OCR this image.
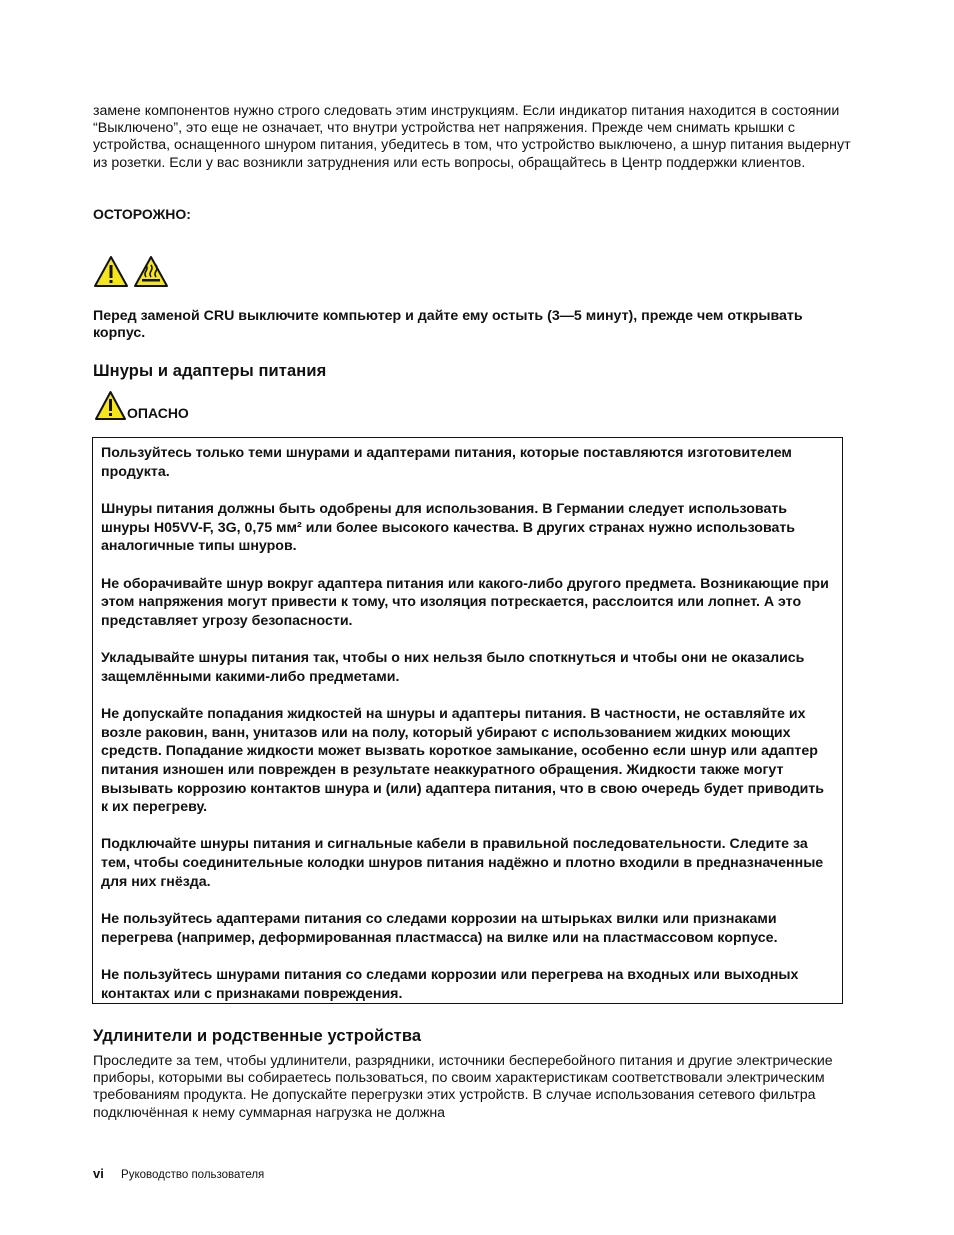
замене компонентов нужно строго следовать этим инструкциям. Если индикатор питания находится в состоянии “Выключено”, это еще не означает, что внутри устройства нет напряжения. Прежде чем снимать крышки с устройства, оснащенного шнуром питания, убедитесь в том, что устройство выключено, а шнур питания выдернут из розетки. Если у вас возникли затруднения или есть вопросы, обращайтесь в Центр поддержки клиентов.

ОСТОРОЖНО:

Перед заменой CRU выключите компьютер и дайте ему остыть (3—5 минут), прежде чем открывать корпус.

Шнуры и адаптеры питания

ОПАСНО

Пользуйтесь только теми шнурами и адаптерами питания, которые поставляются изготовителем продукта.

Шнуры питания должны быть одобрены для использования. В Германии следует использовать шнуры H05VV-F, 3G, 0,75 мм² или более высокого качества. В других странах нужно использовать аналогичные типы шнуров.

Не оборачивайте шнур вокруг адаптера питания или какого-либо другого предмета. Возникающие при этом напряжения могут привести к тому, что изоляция потрескается, расслоится или лопнет. А это представляет угрозу безопасности.

Укладывайте шнуры питания так, чтобы о них нельзя было споткнуться и чтобы они не оказались защемлёнными какими-либо предметами.

Не допускайте попадания жидкостей на шнуры и адаптеры питания. В частности, не оставляйте их возле раковин, ванн, унитазов или на полу, который убирают с использованием жидких моющих средств. Попадание жидкости может вызвать короткое замыкание, особенно если шнур или адаптер питания изношен или поврежден в результате неаккуратного обращения. Жидкости также могут вызывать коррозию контактов шнура и (или) адаптера питания, что в свою очередь будет приводить к их перегреву.

Подключайте шнуры питания и сигнальные кабели в правильной последовательности. Следите за тем, чтобы соединительные колодки шнуров питания надёжно и плотно входили в предназначенные для них гнёзда.

Не пользуйтесь адаптерами питания со следами коррозии на штырьках вилки или признаками перегрева (например, деформированная пластмасса) на вилке или на пластмассовом корпусе.

Не пользуйтесь шнурами питания со следами коррозии или перегрева на входных или выходных контактах или с признаками повреждения.

Удлинители и родственные устройства

Проследите за тем, чтобы удлинители, разрядники, источники бесперебойного питания и другие электрические приборы, которыми вы собираетесь пользоваться, по своим характеристикам соответствовали электрическим требованиям продукта. Не допускайте перегрузки этих устройств. В случае использования сетевого фильтра подключённая к нему суммарная нагрузка не должна

vi Руководство пользователя
